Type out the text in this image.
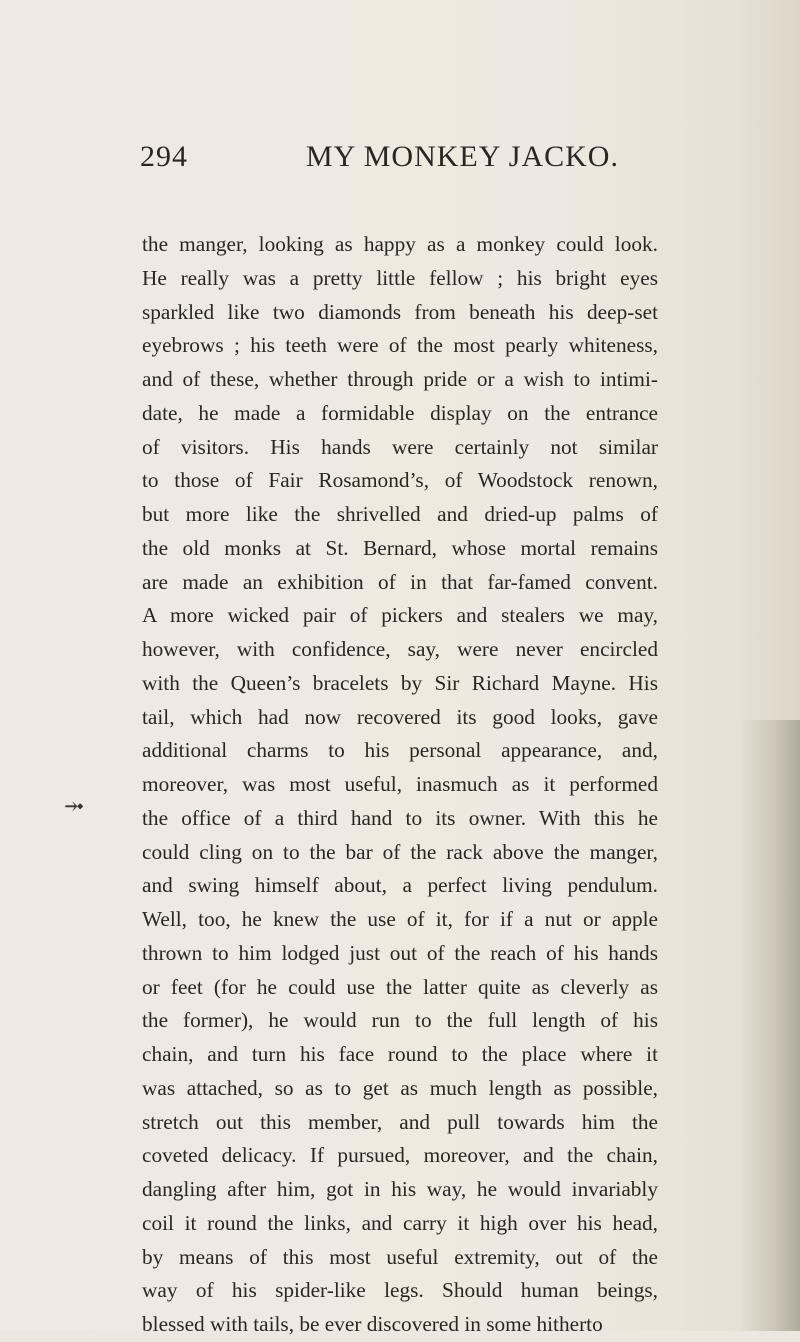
294	MY MONKEY JACKO.
⤞
the manger, looking as happy as a monkey could look.
He really was a pretty little fellow ; his bright eyes
sparkled like two diamonds from beneath his deep-set
eyebrows ; his teeth were of the most pearly whiteness,
and of these, whether through pride or a wish to intimi-
date, he made a formidable display on the entrance
of visitors. His hands were certainly not similar
to those of Fair Rosamond’s, of Woodstock renown,
but more like the shrivelled and dried-up palms of
the old monks at St. Bernard, whose mortal remains
are made an exhibition of in that far-famed convent.
A more wicked pair of pickers and stealers we may,
however, with confidence, say, were never encircled
with the Queen’s bracelets by Sir Richard Mayne. His
tail, which had now recovered its good looks, gave
additional charms to his personal appearance, and,
moreover, was most useful, inasmuch as it performed
the office of a third hand to its owner. With this he
could cling on to the bar of the rack above the manger,
and swing himself about, a perfect living pendulum.
Well, too, he knew the use of it, for if a nut or apple
thrown to him lodged just out of the reach of his hands
or feet (for he could use the latter quite as cleverly as
the former), he would run to the full length of his
chain, and turn his face round to the place where it
was attached, so as to get as much length as possible,
stretch out this member, and pull towards him the
coveted delicacy. If pursued, moreover, and the chain,
dangling after him, got in his way, he would invariably
coil it round the links, and carry it high over his head,
by means of this most useful extremity, out of the
way of his spider-like legs. Should human beings,
blessed with tails, be ever discovered in some hitherto
